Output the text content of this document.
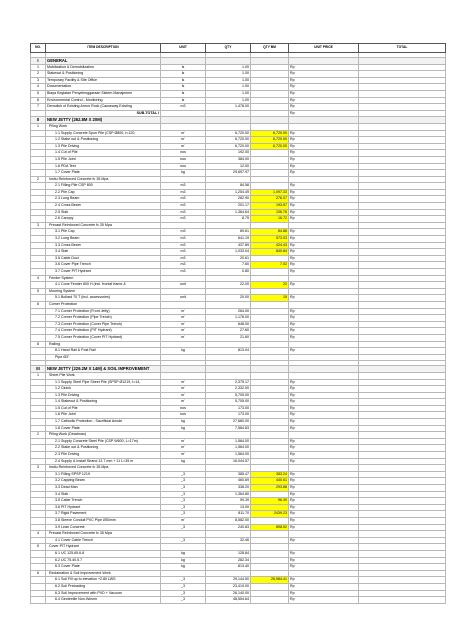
NO.	ITEM DESCRIPTION	UNIT	QTY	QTY BM	UNIT PRICE	TOTAL

I	GENERAL					
1	Mobilization & Demobilization	ls	1.00		Rp	
2	Stakeout & Positioning	ls	1.00		Rp	
3	Temporary Facility & Site Office	ls	1.00		Rp	
4	Documentation	ls	1.00		Rp	
5	Biaya Kegiatan Penyelenggaraan Sistem Manajemen	ls	1.00		Rp	
6	Environmental Control - Monitoring	ls	1.00		Rp	
7	Demolish of Existing Armor Rock (Causeway Existing	m3	1,478.00		Rp	
	SUB-TOTAL I				Rp	
II	NEW JETTY (262.8M X 20M)					
1	Piling Work					
	1.1 Supply Concrete Spun Pile (CSP Ø800, t=120,	m'	6,720.00	6,720.00	Rp	
	1.2 Stake out & Positioning	m'	6,720.00	6,720.00	Rp	
	1.3 Pile Driving	m'	6,720.00	6,720.00	Rp	
	1.4 Cut of Pile	nos	192.00		Rp	
	1.5 Pile Joint	nos	384.00		Rp	
	1.6 PDA Test	nos	12.00		Rp	
	1.7 Cover Plate	kg	29,697.97		Rp	
2	Insitu Reinforced Concrete fc 35 Mpa					
	2.1 Filling Pile CSP 800	m3	84.58		Rp	
	2.2 Pile Cap	m3	1,254.49	1,097.33	Rp	
	2.3 Long Beam	m3	282.90	276.07	Rp	
	2.4 Cross Beam	m3	201.17	193.57	Rp	
	2.5 Slab	m3	1,364.64	106.76	Rp	
	2.6 Canopy	m3	8.75	16.72	Rp	
3	Precast Reinforced Concrete fc 35 Mpa					
	3.1 Pile Cap	m3	89.61	84.88	Rp	
	3.2 Long Beam	m3	641.19	573.03	Rp	
	3.3 Cross Beam	m3	437.89	424.43	Rp	
	3.4 Slab	m3	1,033.04	840.84	Rp	
	3.5 Cable Duct	m3	20.61		Rp	
	3.6 Cover Pipe Trench	m3	7.60	7.02	Rp	
	3.7 Cover PIT Hydrant	m3	0.80		Rp	
4	Fender System					
	4.1 Cone Fender 800 H (incl. frontal frame &	unit	22.00	20	Rp	
5	Mooring System					
	5.1 Bollard 70 T (incl. accessories)	unit	20.00	15	Rp	
6	Corner Protection					
	7.1 Corner Protection (Front Jetty)	m'	264.00		Rp	
	7.2 Corner Protection (Pipe Trench)	m'	1,176.00		Rp	
	7.3 Corner Protection (Cover Pipe Trench)	m'	648.00		Rp	
	7.4 Corner Protection (PIT Hydrant)	m'	27.60		Rp	
	7.5 Corner Protection (Cover PIT Hydrant)	m'	21.60		Rp	
8	Railing					
	8.1 Hand Rail & Post Rail	kg	813.04		Rp	
	Pipe Ø3"					

III	NEW JETTY (229.2M X 14M) & SOIL IMPROVEMENT					
1	Sheet Pile Work					
	1.1 Supply Steel Pipe Sheet Pile (SPSP Ø1219, t=14,	m'	2,375.17		Rp	
	1.2 Clutch	m'	2,332.00		Rp	
	1.3 Pile Driving	m'	5,705.00		Rp	
	1.4 Stakeout & Positioning	m'	5,705.00		Rp	
	1.5 Cut of Pile	nos	173.00		Rp	
	1.6 Pile Joint	nos	173.00		Rp	
	1.7 Cathodic Protection - Sacrificial Anode	kg	27,680.00		Rp	
	1.8 Cover Plate	kg	7,564.83		Rp	
2	Piling Work (Deadman)					
	2.1 Supply Concrete Steel Pile (CSP W600, L=17m)	m'	1,564.00		Rp	
	2.2 Stake out & Positioning	m'	1,564.00		Rp	
	2.3 Pile Driving	m'	1,564.00		Rp	
	2.4 Supply & Install Strand 12.7 mm + 11 L=35 m	kg	16,044.57		Rp	
3	Insitu Reinforced Concrete fc 35 Mpa					
	3.1 Filling SPSP 1219	_3	385.47	383.24	Rp	
	3.2 Capping Beam	_3	460.69	440.61	Rp	
	3.3 Dead Man	_3	338.20	293.88	Rp	
	3.4 Slab	_3	1,364.80		Rp	
	3.5 Cable Trench	_3	99.39	96.39	Rp	
	3.6 PIT Hydrant	_3	13.00		Rp	
	3.7 Rigid Pavement	_3	811.70	2439.23	Rp	
	3.8 Sleeve Conduit PVC Pipe Ø50mm	m'	8,582.00		Rp	
	3.9 Lean Concrete	_3	240.83	898.52	Rp	
4	Precast Reinforced Concrete fc 35 Mpa					
	4.1 Cover Cable Trench	_3	32.46		Rp	
5	Cover PIT Hydrant					
	6.1 UC 125.65.6.8	kg	128.84		Rp	
	6.2 UC 75.40.5.7	kg	282.34		Rp	
	6.3 Cover Plate	kg	813.40		Rp	
6	Reclamation & Soil Improvement Work					
	6.1 Soil Fill up to elevation +2.80 LWS	_3	29,144.50	26,984.41	Rp	
	6.2 Soil Preloading	_3	23,419.00		Rp	
	6.3 Soil Improvement with PVD + Vacuum	_3	26,140.00		Rp	
	6.4 Geotextile Non-Woven	_3	48,554.64		Rp	
